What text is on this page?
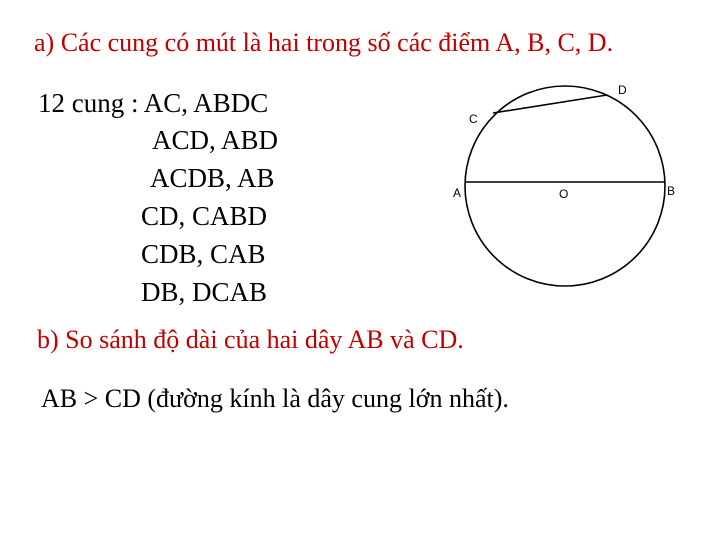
a) Các cung có mút là hai trong số các điểm A, B, C, D.
12 cung : AC, ABDC
ACD, ABD
ACDB, AB
CD, CABD
CDB, CAB
DB, DCAB
D
C
A	O	B
b) So sánh độ dài của hai dây AB và CD.
AB > CD (đường kính là dây cung lớn nhất).
